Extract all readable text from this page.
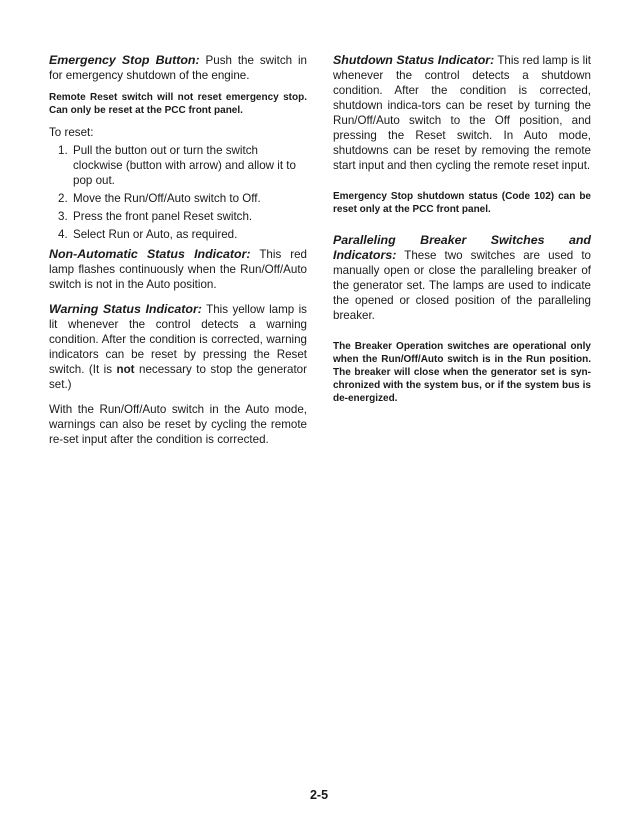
Emergency Stop Button: Push the switch in for emergency shutdown of the engine.

Remote Reset switch will not reset emergency stop. Can only be reset at the PCC front panel.

To reset:

1. Pull the button out or turn the switch clockwise (button with arrow) and allow it to pop out.
2. Move the Run/Off/Auto switch to Off.
3. Press the front panel Reset switch.
4. Select Run or Auto, as required.

Non-Automatic Status Indicator: This red lamp flashes continuously when the Run/Off/Auto switch is not in the Auto position.

Warning Status Indicator: This yellow lamp is lit whenever the control detects a warning condition. After the condition is corrected, warning indicators can be reset by pressing the Reset switch. (It is not necessary to stop the generator set.)

With the Run/Off/Auto switch in the Auto mode, warnings can also be reset by cycling the remote re-set input after the condition is corrected.

Shutdown Status Indicator: This red lamp is lit whenever the control detects a shutdown condition. After the condition is corrected, shutdown indica-tors can be reset by turning the Run/Off/Auto switch to the Off position, and pressing the Reset switch. In Auto mode, shutdowns can be reset by removing the remote start input and then cycling the remote reset input.

Emergency Stop shutdown status (Code 102) can be reset only at the PCC front panel.

Paralleling Breaker Switches and Indicators: These two switches are used to manually open or close the paralleling breaker of the generator set. The lamps are used to indicate the opened or closed position of the paralleling breaker.

The Breaker Operation switches are operational only when the Run/Off/Auto switch is in the Run position. The breaker will close when the generator set is syn-chronized with the system bus, or if the system bus is de-energized.

2-5
